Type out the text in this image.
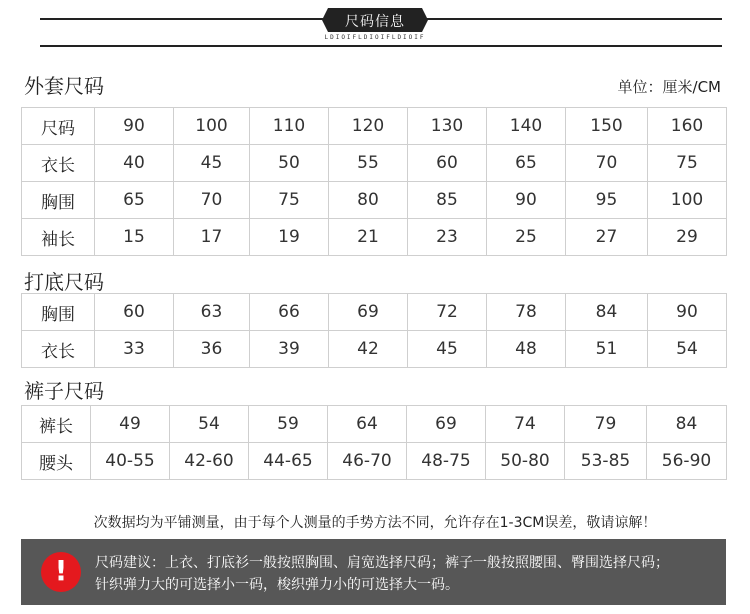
尺码信息
LDIOIFLDIOIFLDIOIF
外套尺码	单位：厘米/CM
尺码	90	100	110	120	130	140	150	160
衣长	40	45	50	55	60	65	70	75
胸围	65	70	75	80	85	90	95	100
袖长	15	17	19	21	23	25	27	29
打底尺码
胸围	60	63	66	69	72	78	84	90
衣长	33	36	39	42	45	48	51	54
裤子尺码
裤长	49	54	59	64	69	74	79	84
腰头	40-55	42-60	44-65	46-70	48-75	50-80	53-85	56-90
次数据均为平铺测量，由于每个人测量的手势方法不同，允许存在1-3CM误差，敬请谅解！
!	尺码建议：上衣、打底衫一般按照胸围、肩宽选择尺码；裤子一般按照腰围、臀围选择尺码；
针织弹力大的可选择小一码，梭织弹力小的可选择大一码。
